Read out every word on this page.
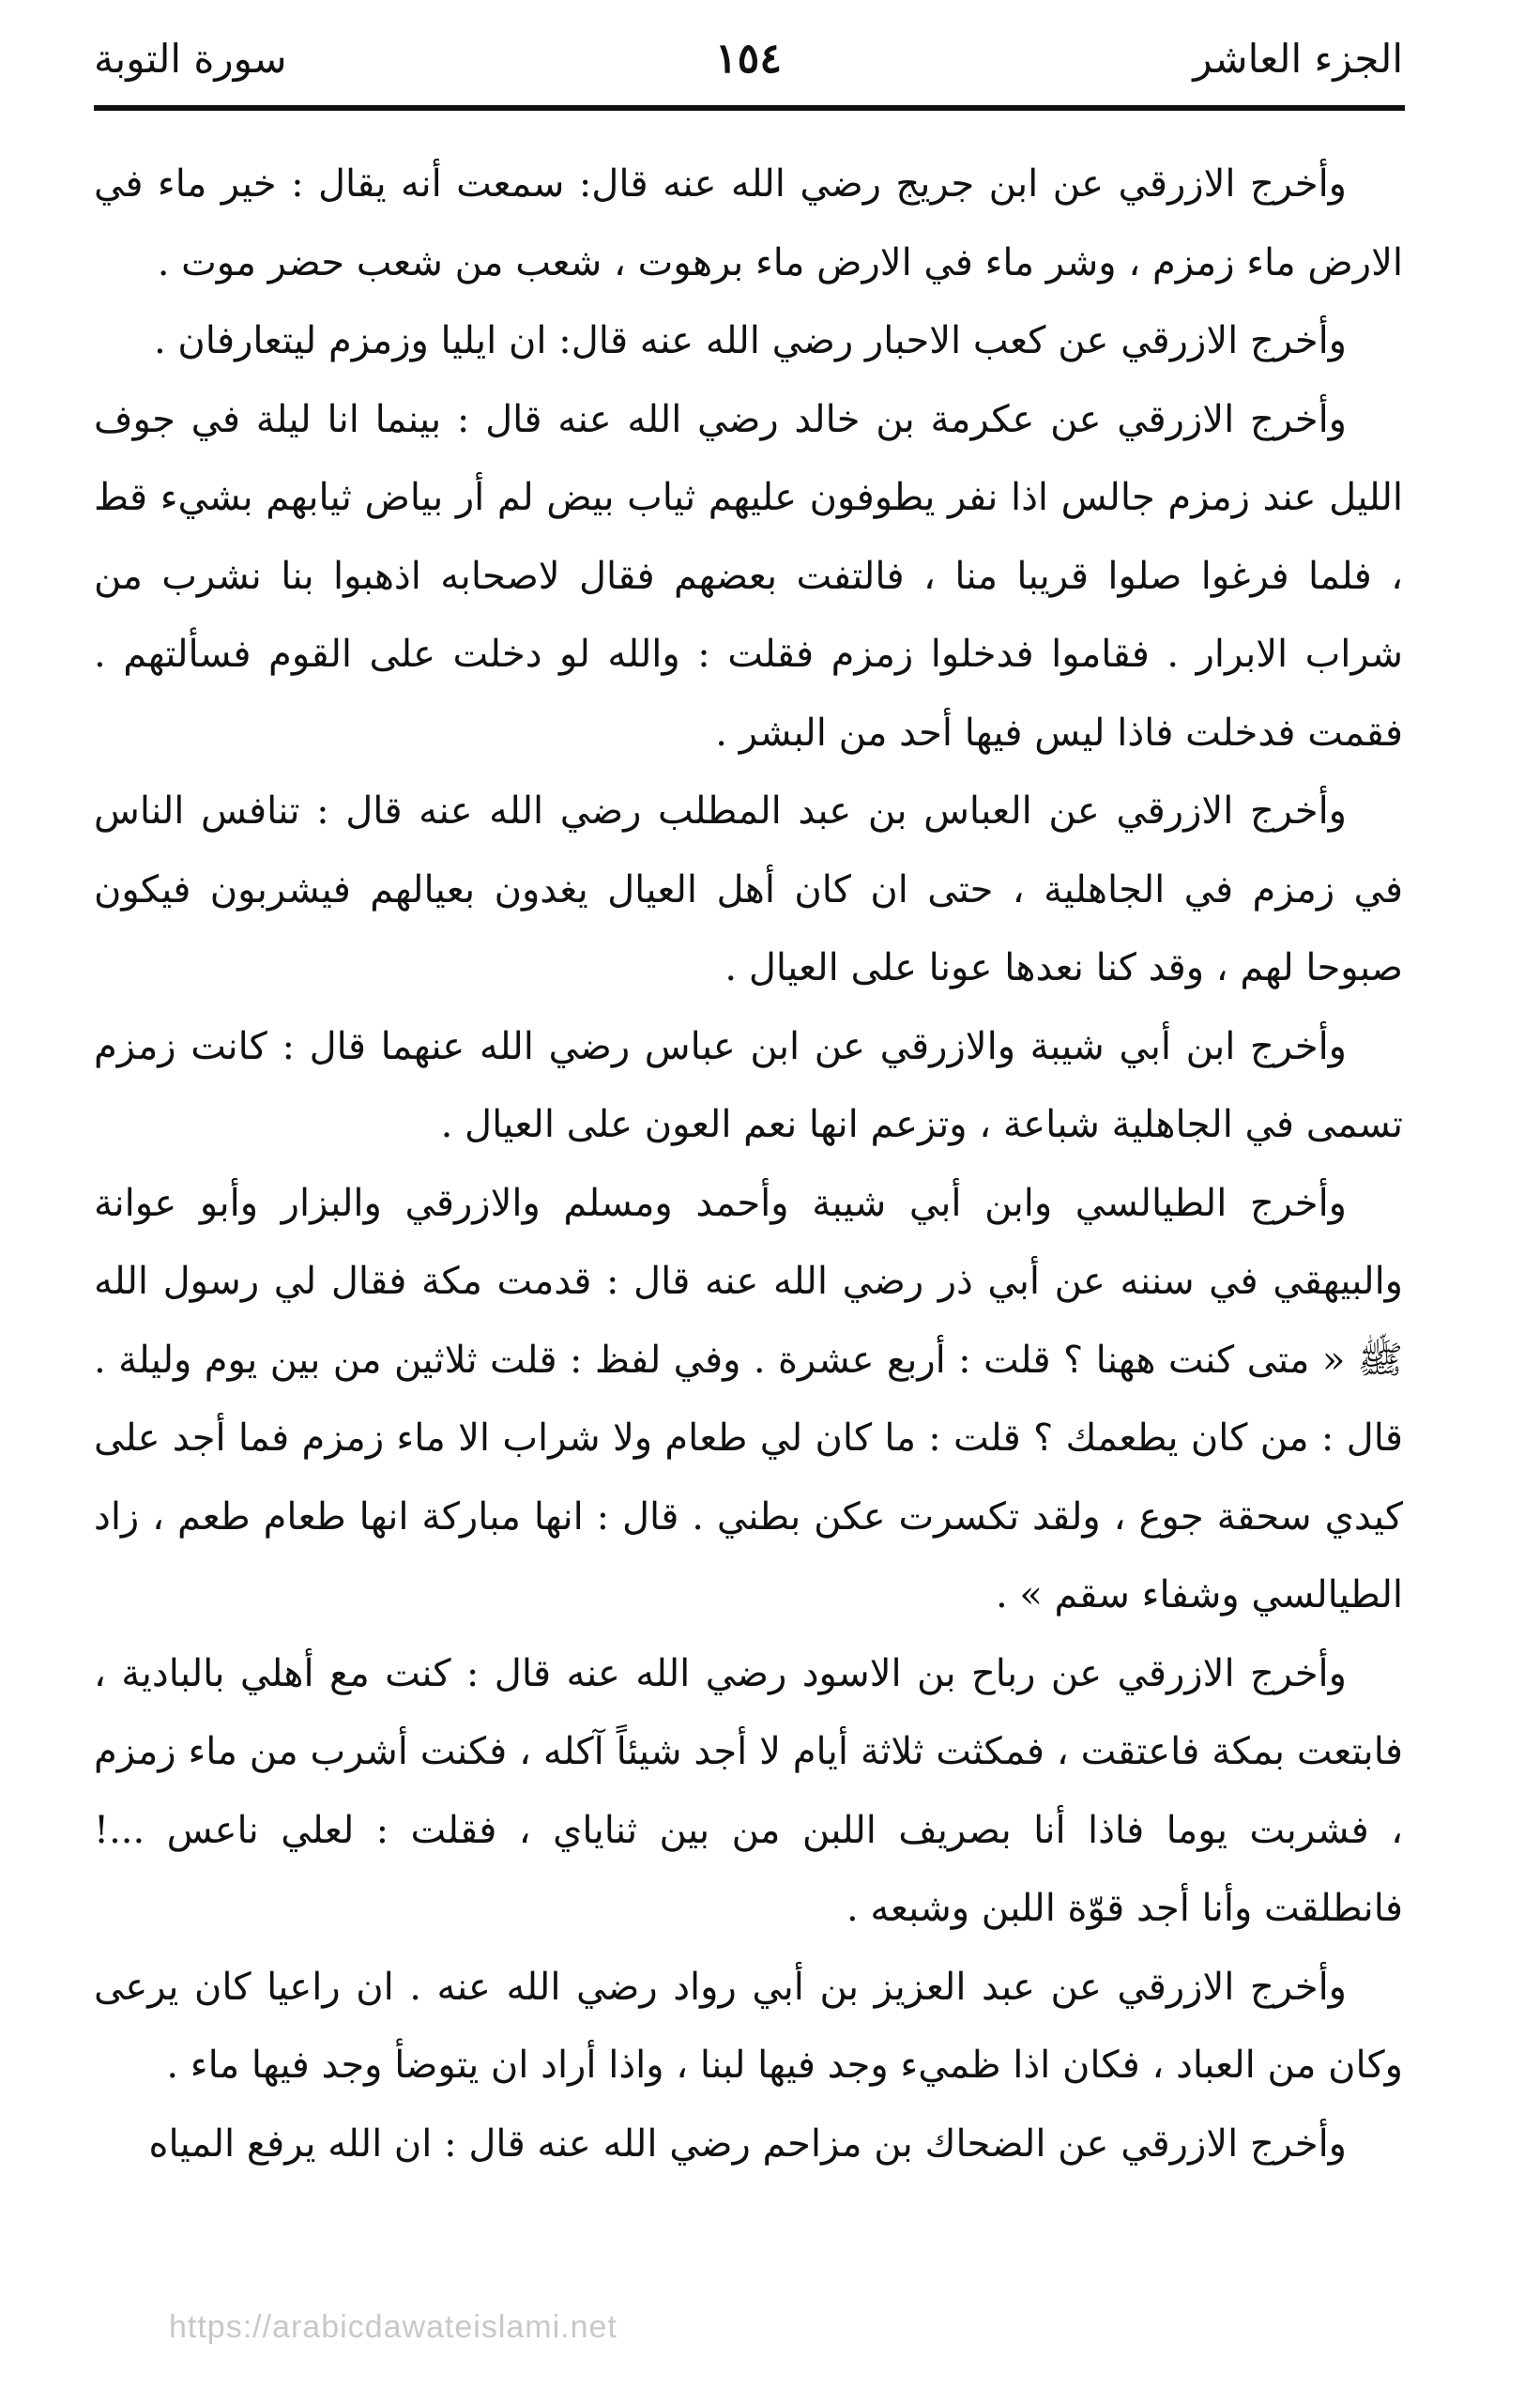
الجزء العاشر
١٥٤
سورة التوبة

وأخرج الازرقي عن ابن جريج رضي الله عنه قال: سمعت أنه يقال : خير ماء في الارض ماء زمزم ، وشر ماء في الارض ماء برهوت ، شعب من شعب حضر موت .

وأخرج الازرقي عن كعب الاحبار رضي الله عنه قال: ان ايليا وزمزم ليتعارفان .

وأخرج الازرقي عن عكرمة بن خالد رضي الله عنه قال : بينما انا ليلة في جوف الليل عند زمزم جالس اذا نفر يطوفون عليهم ثياب بيض لم أر بياض ثيابهم بشيء قط ، فلما فرغوا صلوا قريبا منا ، فالتفت بعضهم فقال لاصحابه اذهبوا بنا نشرب من شراب الابرار . فقاموا فدخلوا زمزم فقلت : والله لو دخلت على القوم فسألتهم . فقمت فدخلت فاذا ليس فيها أحد من البشر .

وأخرج الازرقي عن العباس بن عبد المطلب رضي الله عنه قال : تنافس الناس في زمزم في الجاهلية ، حتى ان كان أهل العيال يغدون بعيالهم فيشربون فيكون صبوحا لهم ، وقد كنا نعدها عونا على العيال .

وأخرج ابن أبي شيبة والازرقي عن ابن عباس رضي الله عنهما قال : كانت زمزم تسمى في الجاهلية شباعة ، وتزعم انها نعم العون على العيال .

وأخرج الطيالسي وابن أبي شيبة وأحمد ومسلم والازرقي والبزار وأبو عوانة والبيهقي في سننه عن أبي ذر رضي الله عنه قال : قدمت مكة فقال لي رسول الله ﷺ « متى كنت ههنا ؟ قلت : أربع عشرة . وفي لفظ : قلت ثلاثين من بين يوم وليلة . قال : من كان يطعمك ؟ قلت : ما كان لي طعام ولا شراب الا ماء زمزم فما أجد على كيدي سحقة جوع ، ولقد تكسرت عكن بطني . قال : انها مباركة انها طعام طعم ، زاد الطيالسي وشفاء سقم » .

وأخرج الازرقي عن رباح بن الاسود رضي الله عنه قال : كنت مع أهلي بالبادية ، فابتعت بمكة فاعتقت ، فمكثت ثلاثة أيام لا أجد شيئاً آكله ، فكنت أشرب من ماء زمزم ، فشربت يوما فاذا أنا بصريف اللبن من بين ثناياي ، فقلت : لعلي ناعس ...! فانطلقت وأنا أجد قوّة اللبن وشبعه .

وأخرج الازرقي عن عبد العزيز بن أبي رواد رضي الله عنه . ان راعيا كان يرعى وكان من العباد ، فكان اذا ظميء وجد فيها لبنا ، واذا أراد ان يتوضأ وجد فيها ماء .

وأخرج الازرقي عن الضحاك بن مزاحم رضي الله عنه قال : ان الله يرفع المياه

https://arabicdawateislami.net
